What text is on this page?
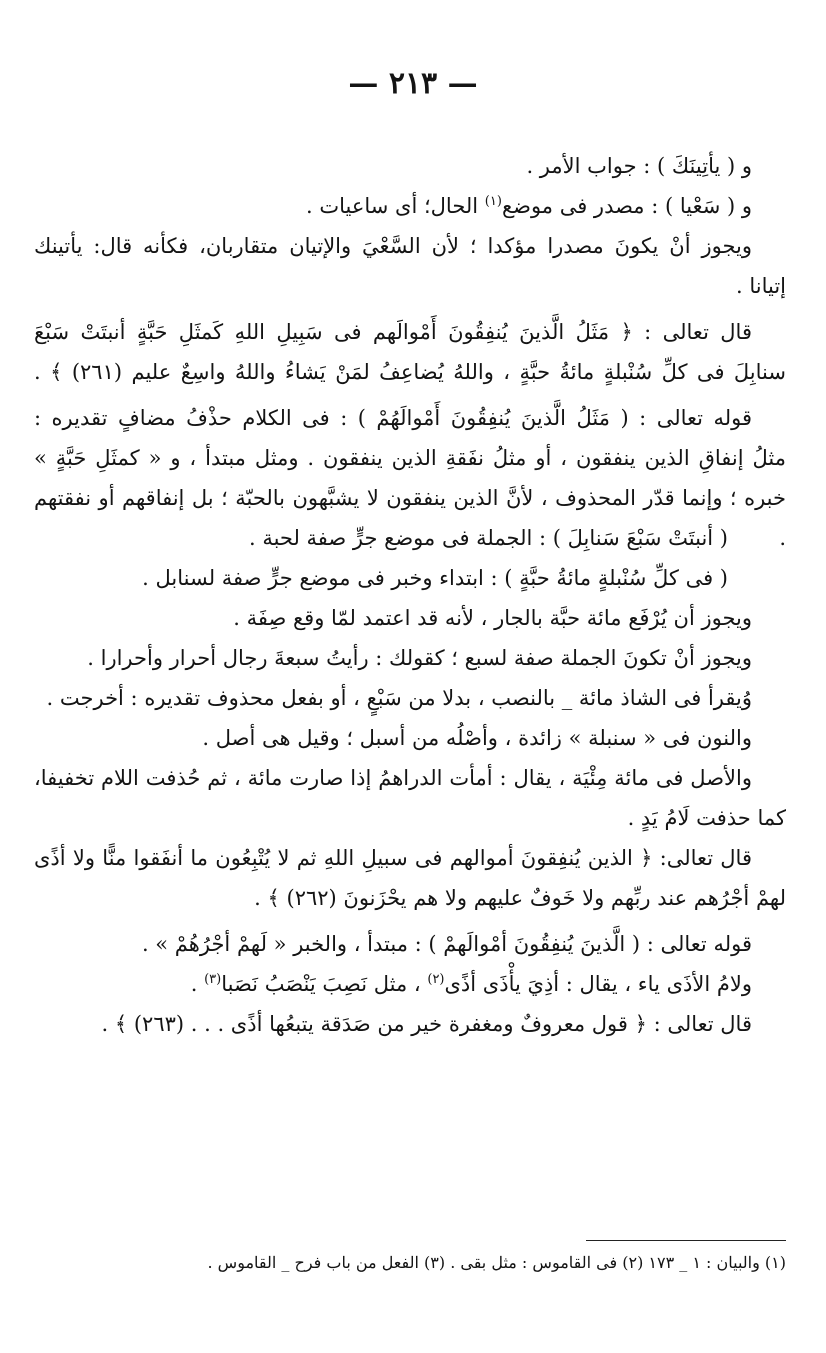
— ٢١٣ —
و ( يأتِينَكَ ) : جواب الأمر .
و ( سَعْيا ) : مصدر فى موضع$^{(١)}$ الحال؛ أى ساعيات .
ويجوز أنْ يكونَ مصدرا مؤكدا ؛ لأن السَّعْيَ والإتيان متقاربان، فكأنه قال: يأتينك
إتيانا .
قال تعالى : ﴿ مَثَلُ الَّذينَ يُنفِقُونَ أَمْوالَهم فى سَبِيلِ اللهِ كَمثَلِ حَبَّةٍ أنبتَتْ سَبْعَ
سنابِلَ فى كلِّ سُنْبلةٍ مائةُ حبَّةٍ ، واللهُ يُضاعِفُ لمَنْ يَشاءُ واللهُ واسِعٌ عليم (٢٦١) ﴾ .
قوله تعالى : ( مَثَلُ الَّذينَ يُنفِقُونَ أَمْوالَهُمْ ) : فى الكلام حذْفُ مضافٍ تقديره :
مثلُ إنفاقِ الذين ينفقون ، أو مثلُ نفَقةِ الذين ينفقون . ومثل مبتدأ ، و « كمثَلِ حَبَّةٍ »
خبره ؛ وإنما قدّر المحذوف ، لأنَّ الذين ينفقون لا يشبَّهون بالحبّة ؛ بل إنفاقهم أو نفقتهم .
( أنبتَتْ سَبْعَ سَنابِلَ ) : الجملة فى موضع جرٍّ صفة لحبة .
( فى كلِّ سُنْبلةٍ مائةُ حبَّةٍ ) : ابتداء وخبر فى موضع جرٍّ صفة لسنابل .
ويجوز أن يُرْفَع مائة حبَّة بالجار ، لأنه قد اعتمد لمّا وقع صِفَة .
ويجوز أنْ تكونَ الجملة صفة لسبع ؛ كقولك : رأيتُ سبعةَ رجال أحرار وأحرارا .
وُيقرأ فى الشاذ مائة _ بالنصب ، بدلا من سَبْعٍ ، أو بفعل محذوف تقديره : أخرجت .
والنون فى « سنبلة » زائدة ، وأصْلُه من أسبل ؛ وقيل هى أصل .
والأصل فى مائة مِئْيَة ، يقال : أمأت الدراهمُ إذا صارت مائة ، ثم حُذفت اللام تخفيفا،
كما حذفت لَامُ يَدٍ .
قال تعالى: ﴿ الذين يُنفِقونَ أموالهم فى سبيلِ اللهِ ثم لا يُتْبِعُون ما أنفَقوا منًّا ولا أذًى
لهمْ أجْرُهم عند ربِّهم ولا خَوفٌ عليهم ولا هم يحْزَنونَ (٢٦٢) ﴾ .
قوله تعالى : ( الَّذينَ يُنفِقُونَ أمْوالَهمْ ) : مبتدأ ، والخبر « لَهمْ أجْرُهُمْ » .
ولامُ الأذَى ياء ، يقال : أذِيَ يأْذَى أذًى$^{(٢)}$ ، مثل نَصِبَ يَنْصَبُ نَصَبا$^{(٣)}$ .
قال تعالى : ﴿ قول معروفٌ ومغفرة خير من صَدَقة يتبعُها أذًى . . . (٢٦٣) ﴾ .
(١) والبيان : ١ _ ١٧٣ (٢) فى القاموس : مثل بقى . (٣) الفعل من باب فرح _ القاموس .
